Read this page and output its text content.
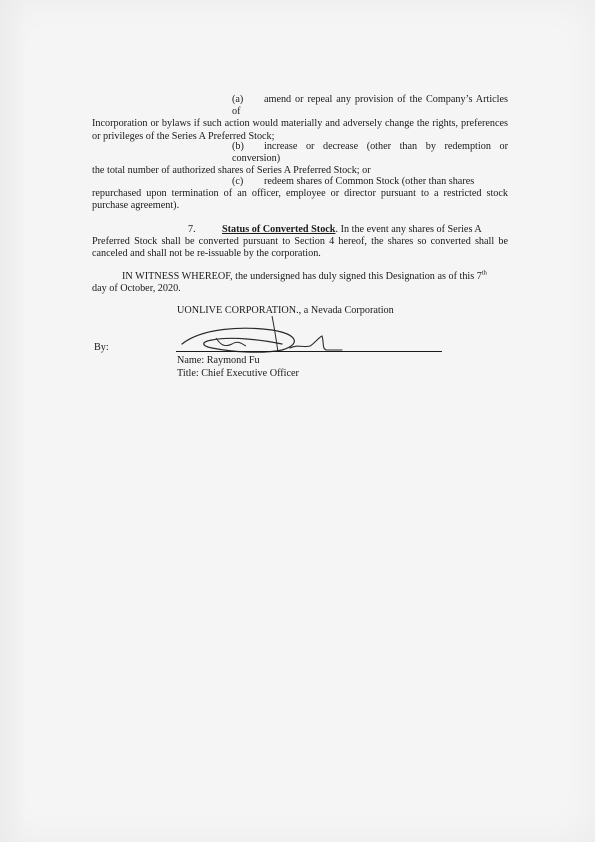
(a) amend or repeal any provision of the Company’s Articles of
Incorporation or bylaws if such action would materially and adversely change the rights, preferences or privileges of the Series A Preferred Stock;
(b) increase or decrease (other than by redemption or conversion)
the total number of authorized shares of Series A Preferred Stock; or
(c) redeem shares of Common Stock (other than shares
repurchased upon termination of an officer, employee or director pursuant to a restricted stock purchase agreement).
7.	Status of Converted Stock. In the event any shares of Series A
Preferred Stock shall be converted pursuant to Section 4 hereof, the shares so converted shall be canceled and shall not be re-issuable by the corporation.
IN WITNESS WHEREOF, the undersigned has duly signed this Designation as of this 7th
day of October, 2020.
UONLIVE CORPORATION., a Nevada Corporation
By:
Name: Raymond Fu
Title: Chief Executive Officer
